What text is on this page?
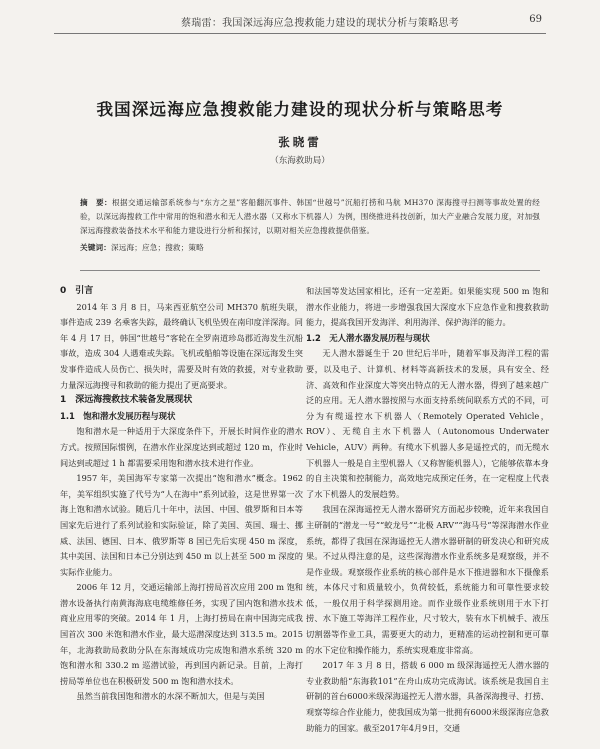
蔡瑞雷：我国深远海应急搜救能力建设的现状分析与策略思考	69
我国深远海应急搜救能力建设的现状分析与策略思考
张晓雷
（东海救助局）
摘　要：根据交通运输部系统参与“东方之星”客船翻沉事件、韩国“世越号”沉船打捞和马航 MH370 深海搜寻扫测等事故处置的经验，以深远海搜救工作中常用的饱和潜水和无人潜水器（又称水下机器人）为例，围绕推进科技创新，加大产业融合发展力度，对加强深远海搜救装备技术水平和能力建设进行分析和探讨，以期对相关应急搜救提供借鉴。
关键词：深远海；应急；搜救；策略

0　引言

2014 年 3 月 8 日，马来西亚航空公司 MH370 航班失联，事件造成 239 名乘客失踪，最终确认飞机坠毁在南印度洋深海。同年 4 月 17 日，韩国“世越号”客轮在全罗南道珍岛郡近海发生沉船事故，造成 304 人遇难或失踪。飞机或船舶等设施在深远海发生突发事件造成人员伤亡、损失时，需要及时有效的救援，对专业救助力量深远海搜寻和救助的能力提出了更高要求。

1　深远海搜救技术装备发展现状

1.1　饱和潜水发展历程与现状

饱和潜水是一种适用于大深度条件下，开展长时间作业的潜水方式。按照国际惯例，在潜水作业深度达到或超过 120 m，作业时间达到或超过 1 h 都需要采用饱和潜水技术进行作业。

1957 年，美国海军专家第一次提出“饱和潜水”概念。1962 年，美军组织实施了代号为“人在海中”系列试验，这是世界第一次海上饱和潜水试验。随后几十年中，法国、中国、俄罗斯和日本等国家先后进行了系列试验和实际验证，除了美国、英国、瑞士、挪威、法国、德国、日本、俄罗斯等 8 国已先后实现 450 m 深度，其中美国、法国和日本已分别达到 450 m 以上甚至 500 m 深度的实际作业能力。

2006 年 12 月，交通运输部上海打捞局首次应用 200 m 饱和潜水设备执行南黄海海底电缆维修任务，实现了国内饱和潜水技术商业应用零的突破。2014 年 1 月，上海打捞局在南中国海完成我国首次 300 米饱和潜水作业，最大巡潜深度达到 313.5 m。2015 年，北海救助局救助分队在东海域成功完成饱和潜水系统 320 m 饱和潜水和 330.2 m 巡潜试验，再到国内新记录。目前，上海打捞局等单位也在积极研发 500 m 饱和潜水技术。

虽然当前我国饱和潜水的水深不断加大，但是与美国

和法国等发达国家相比，还有一定差距。如果能实现 500 m 饱和潜水作业能力，将进一步增强我国大深度水下应急作业和搜救救助能力，提高我国开发海洋、利用海洋、保护海洋的能力。

1.2　无人潜水器发展历程与现状

无人潜水器诞生于 20 世纪后半叶，随着军事及海洋工程的需要，以及电子、计算机、材料等高新技术的发展，具有安全、经济、高效和作业深度大等突出特点的无人潜水器，得到了越来越广泛的应用。无人潜水器按照与水面支持系统间联系方式的不同，可分为有缆遥控水下机器人（Remotely Operated Vehicle，ROV）、无缆自主水下机器人（Autonomous Underwater Vehicle，AUV）两种。有缆水下机器人多是遥控式的，而无缆水下机器人一般是自主型机器人（又称智能机器人），它能够依靠本身的自主决策和控制能力，高效地完成预定任务，在一定程度上代表了水下机器人的发展趋势。

我国在深海遥控无人潜水器研究方面起步较晚，近年来我国自主研制的“潜龙一号”“蛟龙号”“北极 ARV”“海马号”等深海潜水作业系统，都得了我国在深海遥控无人潜水器研制的研发决心和研究成果。不过从得注意的是，这些深海潜水作业系统多是观察级，并不是作业级。观察级作业系统的核心部件是水下推进器和水下摄像系统，本体尺寸和质量较小，负荷较低，系统能力和可靠性要求较低，一般仅用于科学探测用途。而作业级作业系统则用于水下打捞、水下施工等海洋工程作业，尺寸较大，装有水下机械手、液压切割器等作业工具，需要更大的动力，更精准的运动控制和更可靠的水下定位和操作能力，系统实现难度非常高。

2017 年 3 月 8 日，搭载 6 000 m 级深海遥控无人潜水器的专业救助船“东海救101”在舟山成功完成海试。该系统是我国自主研制的首台6000米级深海遥控无人潜水器，具备深海搜寻、打捞、观察等综合作业能力，使我国成为第一批拥有6000米级深海应急救助能力的国家。截至2017年4月9日，交通
